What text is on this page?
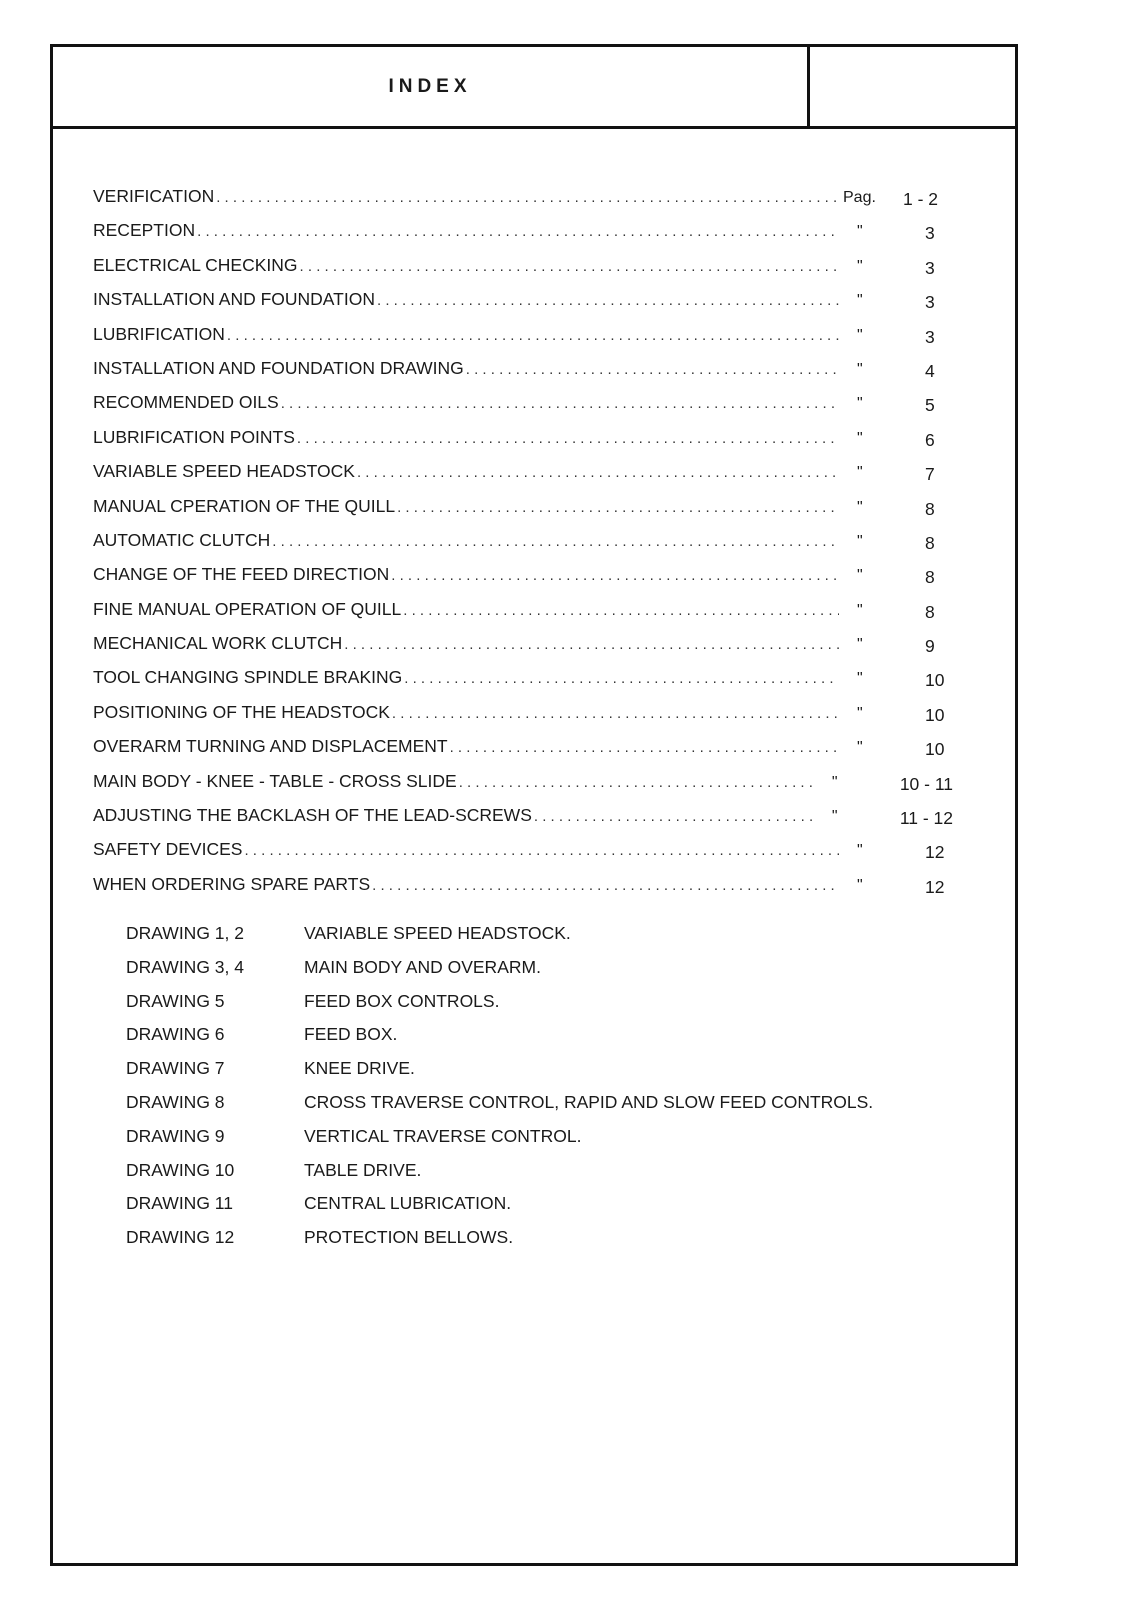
INDEX
VERIFICATION . . .	Pag.	1 - 2
RECEPTION . . .	"	3
ELECTRICAL CHECKING . . .	"	3
INSTALLATION AND FOUNDATION . . .	"	3
LUBRIFICATION . . .	"	3
INSTALLATION AND FOUNDATION DRAWING . . .	"	4
RECOMMENDED OILS . . .	"	5
LUBRIFICATION POINTS . . .	"	6
VARIABLE SPEED HEADSTOCK . . .	"	7
MANUAL CPERATION OF THE QUILL . . .	"	8
AUTOMATIC CLUTCH . . .	"	8
CHANGE OF THE FEED DIRECTION . . .	"	8
FINE MANUAL OPERATION OF QUILL . . .	"	8
MECHANICAL WORK CLUTCH . . .	"	9
TOOL CHANGING SPINDLE BRAKING . . .	"	10
POSITIONING OF THE HEADSTOCK . . .	"	10
OVERARM TURNING AND DISPLACEMENT . . .	"	10
MAIN BODY - KNEE - TABLE - CROSS SLIDE . . .	"	10 - 11
ADJUSTING THE BACKLASH OF THE LEAD-SCREWS . . .	"	11 - 12
SAFETY DEVICES . . .	"	12
WHEN ORDERING SPARE PARTS . . .	"	12
DRAWING 1, 2	VARIABLE SPEED HEADSTOCK.
DRAWING 3, 4	MAIN BODY AND OVERARM.
DRAWING 5	FEED BOX CONTROLS.
DRAWING 6	FEED BOX.
DRAWING 7	KNEE DRIVE.
DRAWING 8	CROSS TRAVERSE CONTROL, RAPID AND SLOW FEED CONTROLS.
DRAWING 9	VERTICAL TRAVERSE CONTROL.
DRAWING 10	TABLE DRIVE.
DRAWING 11	CENTRAL LUBRICATION.
DRAWING 12	PROTECTION BELLOWS.
